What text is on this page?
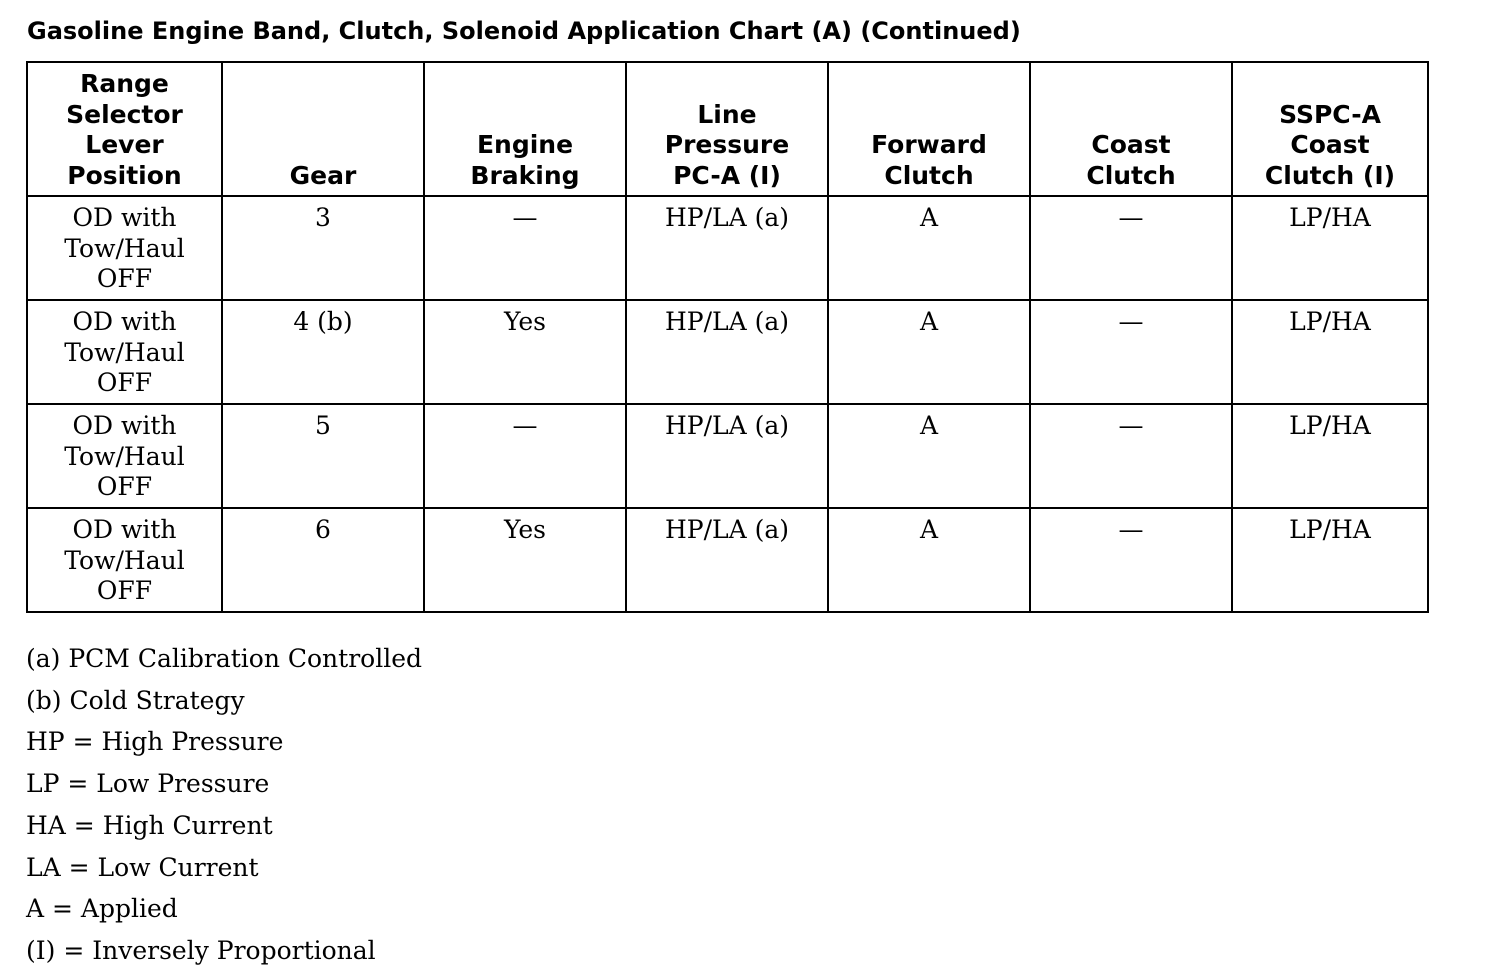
Gasoline Engine Band, Clutch, Solenoid Application Chart (A) (Continued)
Range
Selector
Lever
Position	Gear	Engine
Braking	Line
Pressure
PC-A (I)	Forward
Clutch	Coast
Clutch	SSPC-A
Coast
Clutch (I)

OD with
Tow/Haul
OFF	3	—	HP/LA (a)	A	—	LP/HA

OD with
Tow/Haul
OFF	4 (b)	Yes	HP/LA (a)	A	—	LP/HA

OD with
Tow/Haul
OFF	5	—	HP/LA (a)	A	—	LP/HA

OD with
Tow/Haul
OFF	6	Yes	HP/LA (a)	A	—	LP/HA
(a) PCM Calibration Controlled
(b) Cold Strategy
HP = High Pressure
LP = Low Pressure
HA = High Current
LA = Low Current
A = Applied
(I) = Inversely Proportional
